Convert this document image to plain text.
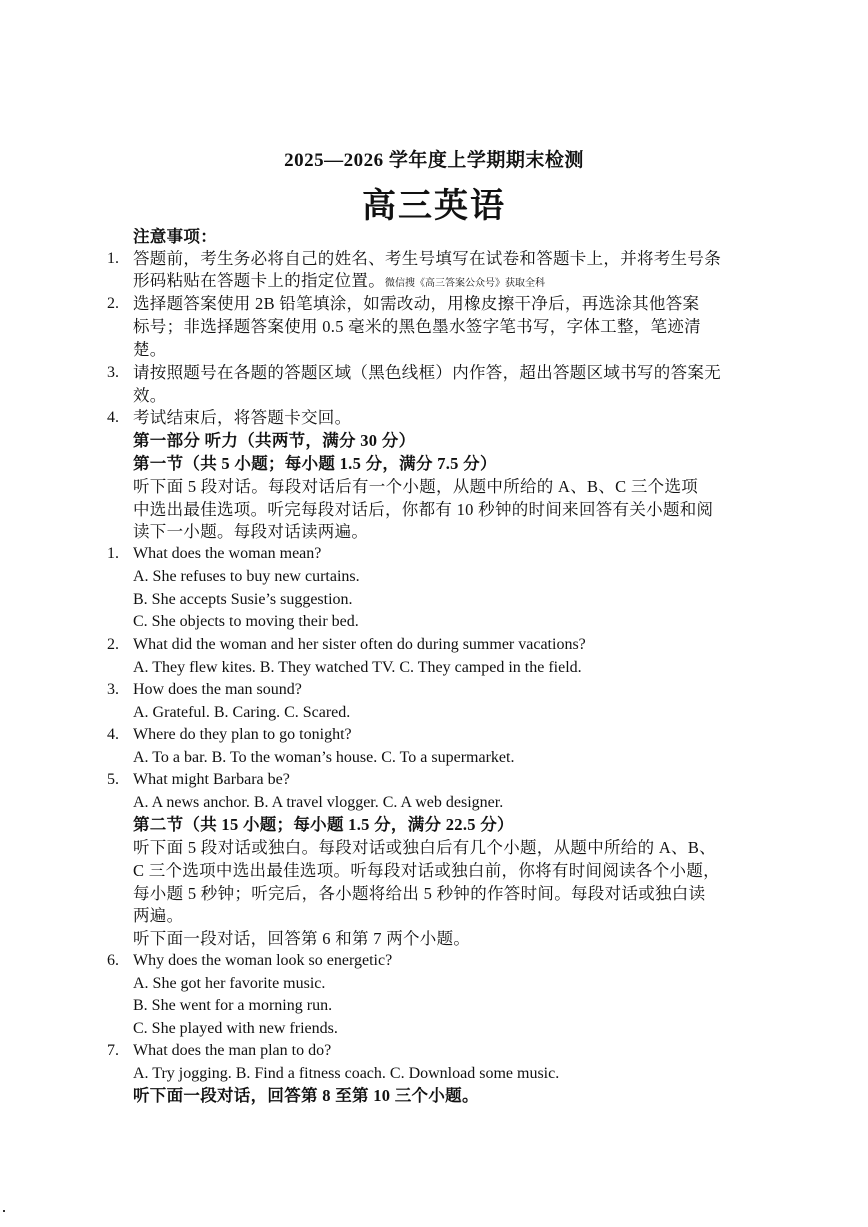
2025—2026 学年度上学期期末检测
高三英语
注意事项：
1. 答题前，考生务必将自己的姓名、考生号填写在试卷和答题卡上，并将考生号条
形码粘贴在答题卡上的指定位置。微信搜《高三答案公众号》获取全科
2. 选择题答案使用 2B 铅笔填涂，如需改动，用橡皮擦干净后，再选涂其他答案
标号；非选择题答案使用 0.5 毫米的黑色墨水签字笔书写，字体工整，笔迹清
楚。
3. 请按照题号在各题的答题区域（黑色线框）内作答，超出答题区域书写的答案无
效。
4. 考试结束后，将答题卡交回。
第一部分 听力（共两节，满分 30 分）
第一节（共 5 小题；每小题 1.5 分，满分 7.5 分）
听下面 5 段对话。每段对话后有一个小题，从题中所给的 A、B、C 三个选项
中选出最佳选项。听完每段对话后，你都有 10 秒钟的时间来回答有关小题和阅
读下一小题。每段对话读两遍。
1. What does the woman mean?
A. She refuses to buy new curtains.
B. She accepts Susie’s suggestion.
C. She objects to moving their bed.
2. What did the woman and her sister often do during summer vacations?
A. They flew kites. B. They watched TV. C. They camped in the field.
3. How does the man sound?
A. Grateful. B. Caring. C. Scared.
4. Where do they plan to go tonight?
A. To a bar. B. To the woman’s house. C. To a supermarket.
5. What might Barbara be?
A. A news anchor. B. A travel vlogger. C. A web designer.
第二节（共 15 小题；每小题 1.5 分，满分 22.5 分）
听下面 5 段对话或独白。每段对话或独白后有几个小题，从题中所给的 A、B、
C 三个选项中选出最佳选项。听每段对话或独白前，你将有时间阅读各个小题，
每小题 5 秒钟；听完后，各小题将给出 5 秒钟的作答时间。每段对话或独白读
两遍。
听下面一段对话，回答第 6 和第 7 两个小题。
6. Why does the woman look so energetic?
A. She got her favorite music.
B. She went for a morning run.
C. She played with new friends.
7. What does the man plan to do?
A. Try jogging. B. Find a fitness coach. C. Download some music.
听下面一段对话，回答第 8 至第 10 三个小题。
